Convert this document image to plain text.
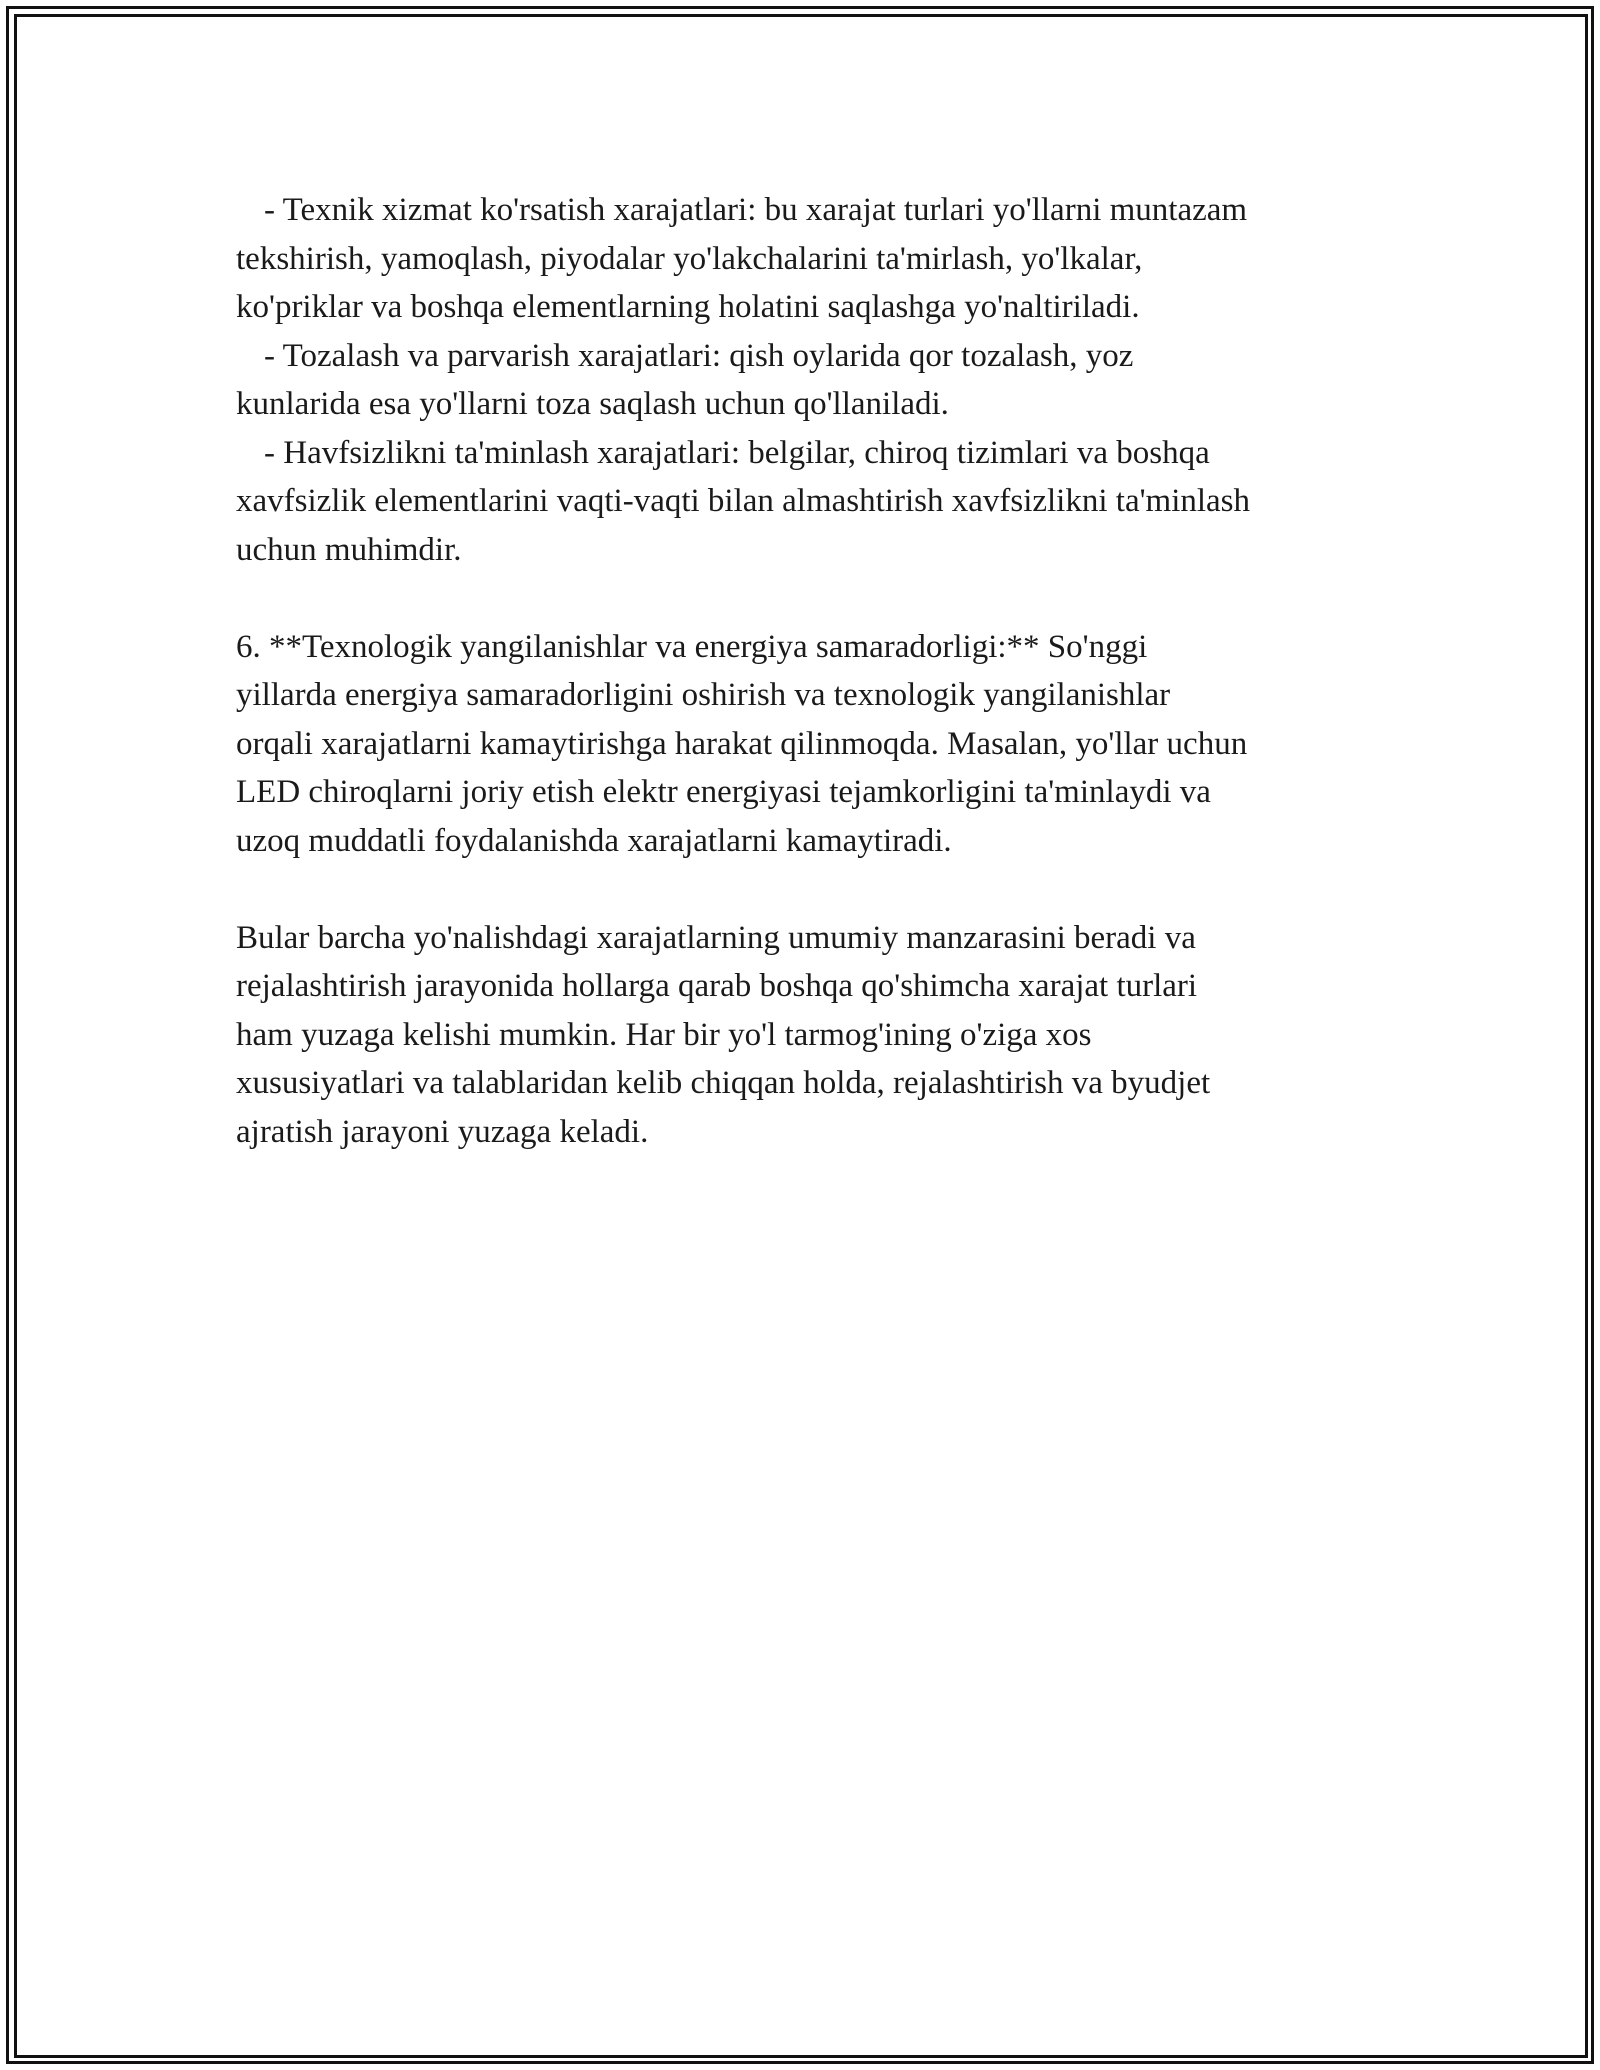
- Texnik xizmat ko'rsatish xarajatlari: bu xarajat turlari yo'llarni muntazam
tekshirish, yamoqlash, piyodalar yo'lakchalarini ta'mirlash, yo'lkalar,
ko'priklar va boshqa elementlarning holatini saqlashga yo'naltiriladi.
- Tozalash va parvarish xarajatlari: qish oylarida qor tozalash, yoz
kunlarida esa yo'llarni toza saqlash uchun qo'llaniladi.
- Havfsizlikni ta'minlash xarajatlari: belgilar, chiroq tizimlari va boshqa
xavfsizlik elementlarini vaqti-vaqti bilan almashtirish xavfsizlikni ta'minlash
uchun muhimdir.
6. **Texnologik yangilanishlar va energiya samaradorligi:** So'nggi
yillarda energiya samaradorligini oshirish va texnologik yangilanishlar
orqali xarajatlarni kamaytirishga harakat qilinmoqda. Masalan, yo'llar uchun
LED chiroqlarni joriy etish elektr energiyasi tejamkorligini ta'minlaydi va
uzoq muddatli foydalanishda xarajatlarni kamaytiradi.
Bular barcha yo'nalishdagi xarajatlarning umumiy manzarasini beradi va
rejalashtirish jarayonida hollarga qarab boshqa qo'shimcha xarajat turlari
ham yuzaga kelishi mumkin. Har bir yo'l tarmog'ining o'ziga xos
xususiyatlari va talablaridan kelib chiqqan holda, rejalashtirish va byudjet
ajratish jarayoni yuzaga keladi.
